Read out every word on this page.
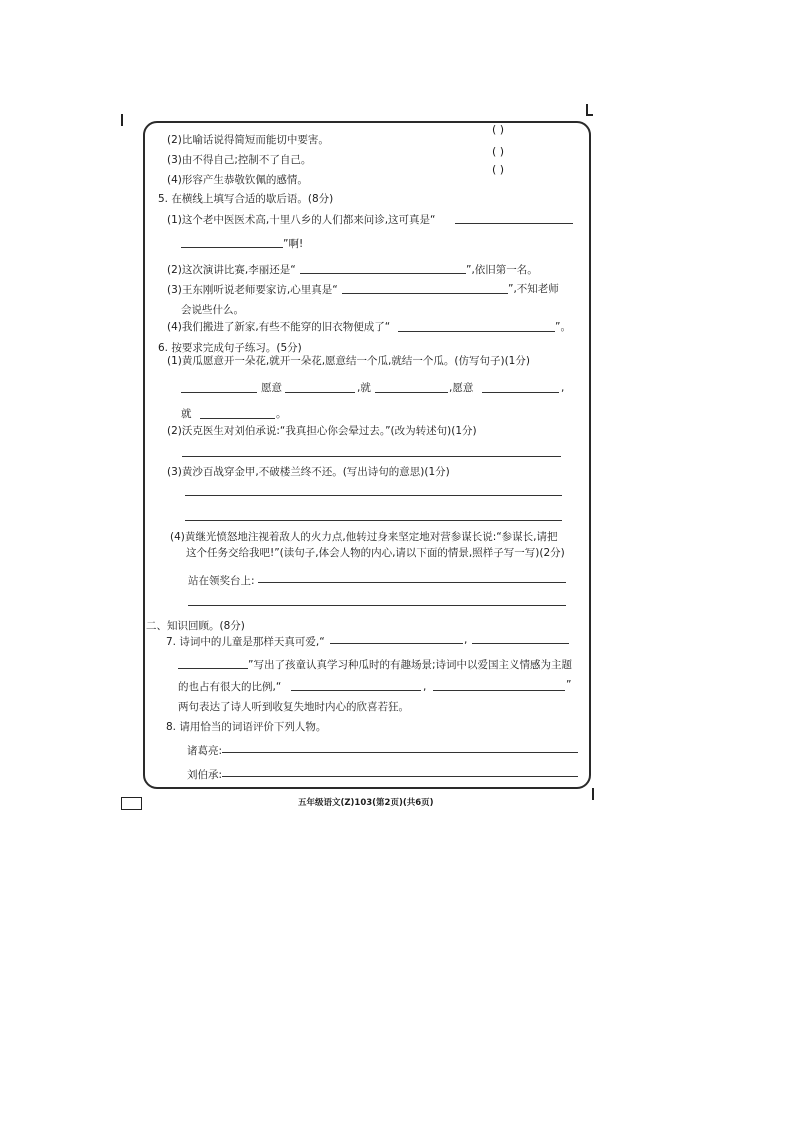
(2)比喻话说得简短而能切中要害。
( )
(3)由不得自己;控制不了自己。
( )
(4)形容产生恭敬钦佩的感情。
( )
5. 在横线上填写合适的歇后语。(8分)
(1)这个老中医医术高,十里八乡的人们都来问诊,这可真是“
”啊!
(2)这次演讲比赛,李丽还是“	”,依旧第一名。
(3)王东刚听说老师要家访,心里真是“	”,不知老师
会说些什么。
(4)我们搬进了新家,有些不能穿的旧衣物便成了“	”。
6. 按要求完成句子练习。(5分)
(1)黄瓜愿意开一朵花,就开一朵花,愿意结一个瓜,就结一个瓜。(仿写句子)(1分)
愿意	,就	,愿意	,
就	。
(2)沃克医生对刘伯承说:“我真担心你会晕过去。”(改为转述句)(1分)
(3)黄沙百战穿金甲,不破楼兰终不还。(写出诗句的意思)(1分)
(4)黄继光愤怒地注视着敌人的火力点,他转过身来坚定地对营参谋长说:“参谋长,请把
这个任务交给我吧!”(读句子,体会人物的内心,请以下面的情景,照样子写一写)(2分)
站在领奖台上:
二、知识回顾。(8分)
7. 诗词中的儿童是那样天真可爱,“	,
”写出了孩童认真学习种瓜时的有趣场景;诗词中以爱国主义情感为主题
的也占有很大的比例,“	,	”
两句表达了诗人听到收复失地时内心的欣喜若狂。
8. 请用恰当的词语评价下列人物。
诸葛亮:
刘伯承:
五年级语文(Z)103(第2页)(共6页)
